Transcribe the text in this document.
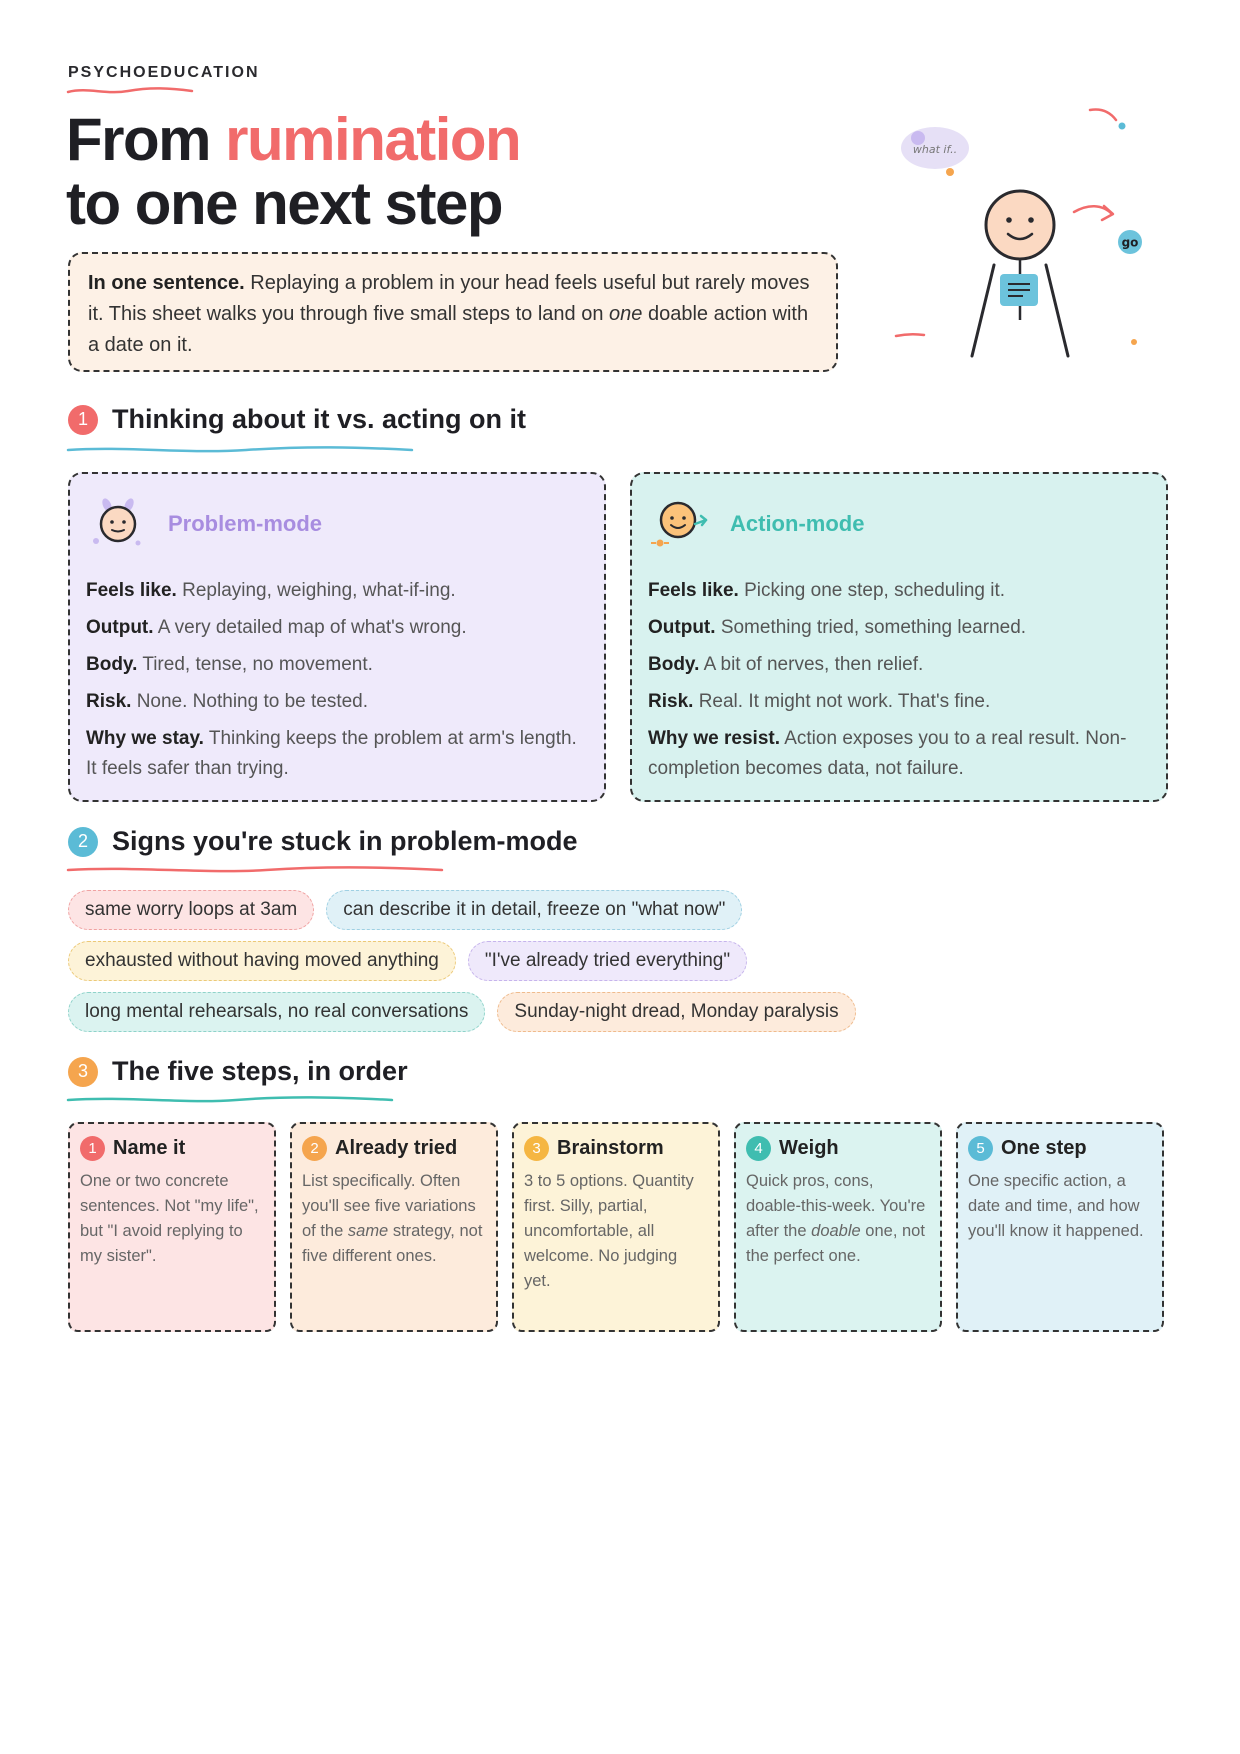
PSYCHOEDUCATION
From rumination
to one next step
In one sentence. Replaying a problem in your head feels useful but rarely moves it. This sheet walks you through five small steps to land on one doable action with a date on it.
what if..
go
1 Thinking about it vs. acting on it
Problem-mode
Feels like. Replaying, weighing, what-if-ing.
Output. A very detailed map of what's wrong.
Body. Tired, tense, no movement.
Risk. None. Nothing to be tested.
Why we stay. Thinking keeps the problem at arm's length. It feels safer than trying.
Action-mode
Feels like. Picking one step, scheduling it.
Output. Something tried, something learned.
Body. A bit of nerves, then relief.
Risk. Real. It might not work. That's fine.
Why we resist. Action exposes you to a real result. Non-completion becomes data, not failure.
2 Signs you're stuck in problem-mode
same worry loops at 3am	can describe it in detail, freeze on "what now"
exhausted without having moved anything	"I've already tried everything"
long mental rehearsals, no real conversations	Sunday-night dread, Monday paralysis
3 The five steps, in order
1 Name it
One or two concrete sentences. Not "my life", but "I avoid replying to my sister".
2 Already tried
List specifically. Often you'll see five variations of the same strategy, not five different ones.
3 Brainstorm
3 to 5 options. Quantity first. Silly, partial, uncomfortable, all welcome. No judging yet.
4 Weigh
Quick pros, cons, doable-this-week. You're after the doable one, not the perfect one.
5 One step
One specific action, a date and time, and how you'll know it happened.
